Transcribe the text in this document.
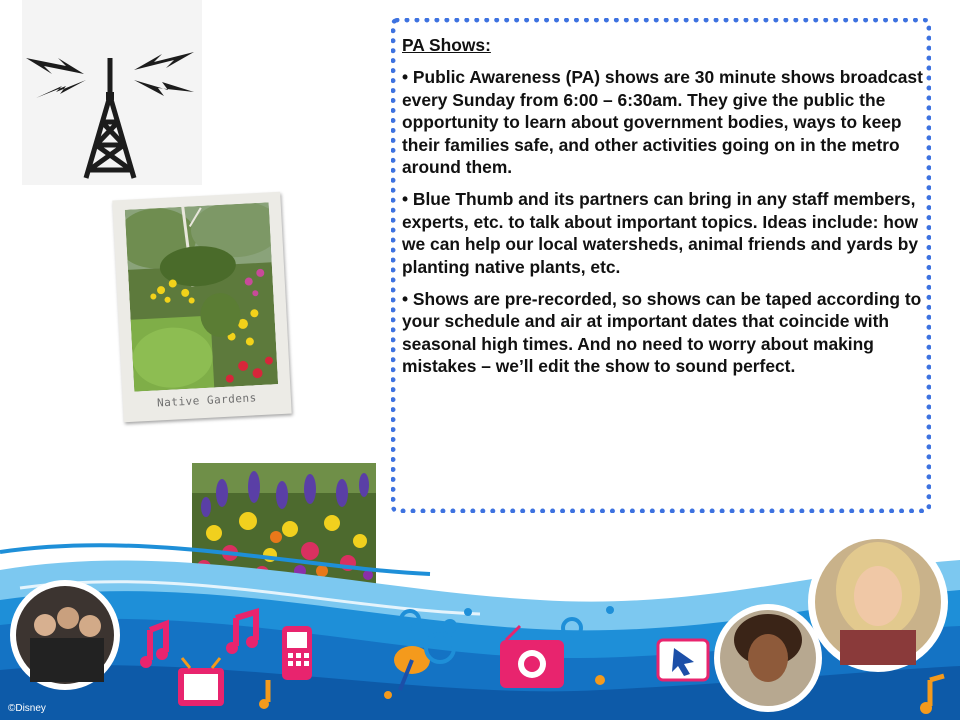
Native Gardens

PA Shows:

• Public Awareness (PA) shows are 30 minute shows broadcast every Sunday from 6:00 – 6:30am. They give the public the opportunity to learn about government bodies, ways to keep their families safe, and other activities going on in the metro around them.

• Blue Thumb and its partners can bring in any staff members, experts, etc. to talk about important topics. Ideas include: how we can help our local watersheds, animal friends and yards by planting native plants, etc.

• Shows are pre-recorded, so shows can be taped according to your schedule and air at important dates that coincide with seasonal high times. And no need to worry about making mistakes – we’ll edit the show to sound perfect.

©Disney
